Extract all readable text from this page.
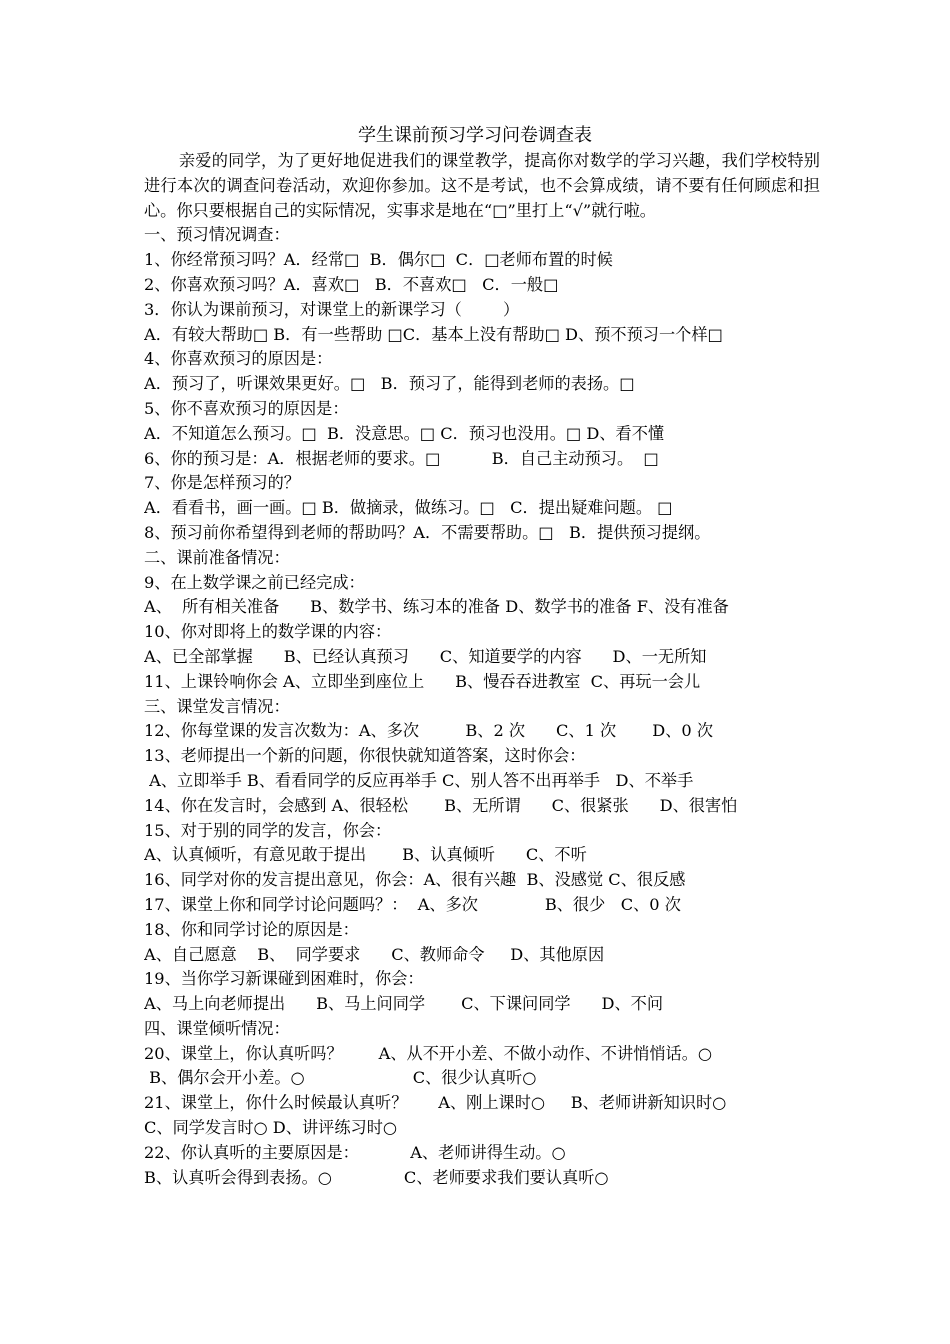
学生课前预习学习问卷调查表
亲爱的同学，为了更好地促进我们的课堂教学，提高你对数学的学习兴趣，我们学校特别进行本次的调查问卷活动，欢迎你参加。这不是考试，也不会算成绩，请不要有任何顾虑和担心。你只要根据自己的实际情况，实事求是地在“□”里打上“√”就行啦。
一、预习情况调查：
1、你经常预习吗？A．经常□  B．偶尔□  C．□老师布置的时候
2、你喜欢预习吗？A．喜欢□   B．不喜欢□   C．一般□
3．你认为课前预习，对课堂上的新课学习（        ）
A．有较大帮助□ B．有一些帮助 □C．基本上没有帮助□ D、预不预习一个样□
4、你喜欢预习的原因是：
A．预习了，听课效果更好。□   B．预习了，能得到老师的表扬。□
5、你不喜欢预习的原因是：
A．不知道怎么预习。□  B．没意思。□ C．预习也没用。□ D、看不懂
6、你的预习是：A．根据老师的要求。□          B．自己主动预习。  □
7、你是怎样预习的？
A．看看书，画一画。□ B．做摘录，做练习。□   C．提出疑难问题。 □
8、预习前你希望得到老师的帮助吗？A．不需要帮助。□   B．提供预习提纲。
二、课前准备情况：
9、在上数学课之前已经完成：
A、  所有相关准备      B、数学书、练习本的准备 D、数学书的准备 F、没有准备
10、你对即将上的数学课的内容：
A、已全部掌握      B、已经认真预习      C、知道要学的内容      D、一无所知
11、上课铃响你会 A、立即坐到座位上      B、慢吞吞进教室  C、再玩一会儿
三、课堂发言情况：
12、你每堂课的发言次数为：A、多次         B、2 次      C、1 次       D、0 次
13、老师提出一个新的问题，你很快就知道答案，这时你会：
A、立即举手 B、看看同学的反应再举手 C、别人答不出再举手   D、不举手
14、你在发言时，会感到 A、很轻松       B、无所谓      C、很紧张      D、很害怕
15、对于别的同学的发言，你会：
A、认真倾听，有意见敢于提出       B、认真倾听      C、不听
16、同学对你的发言提出意见，你会：A、很有兴趣  B、没感觉 C、很反感
17、课堂上你和同学讨论问题吗？：  A、多次             B、很少   C、0 次
18、你和同学讨论的原因是：
A、自己愿意    B、  同学要求      C、教师命令     D、其他原因
19、当你学习新课碰到困难时，你会：
A、马上向老师提出      B、马上问同学       C、下课问同学      D、不问
四、课堂倾听情况：
20、课堂上，你认真听吗？       A、从不开小差、不做小动作、不讲悄悄话。○
B、偶尔会开小差。○                     C、很少认真听○
21、课堂上，你什么时候最认真听？      A、刚上课时○     B、老师讲新知识时○
C、同学发言时○ D、讲评练习时○
22、你认真听的主要原因是：          A、老师讲得生动。○
B、认真听会得到表扬。○              C、老师要求我们要认真听○
